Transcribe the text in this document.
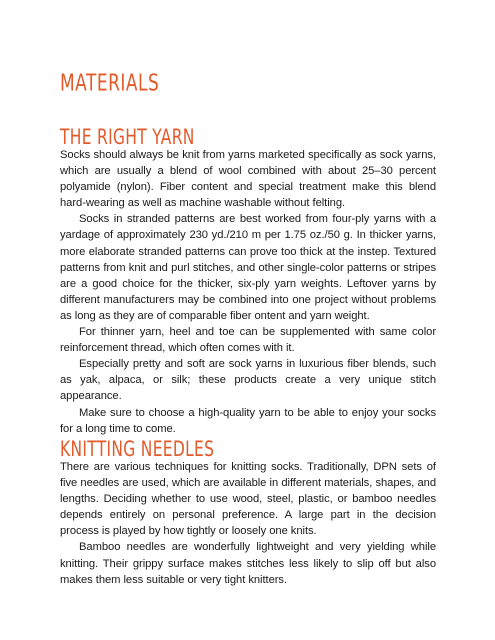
MATERIALS
THE RIGHT YARN

Socks should always be knit from yarns marketed specifically as sock yarns, which are usually a blend of wool combined with about 25–30 percent polyamide (nylon). Fiber content and special treatment make this blend hard-wearing as well as machine washable without felting.

Socks in stranded patterns are best worked from four-ply yarns with a yardage of approximately 230 yd./210 m per 1.75 oz./50 g. In thicker yarns, more elaborate stranded patterns can prove too thick at the instep. Textured patterns from knit and purl stitches, and other single-color patterns or stripes are a good choice for the thicker, six-ply yarn weights. Leftover yarns by different manufacturers may be combined into one project without problems as long as they are of comparable fiber ontent and yarn weight.

For thinner yarn, heel and toe can be supplemented with same color reinforcement thread, which often comes with it.

Especially pretty and soft are sock yarns in luxurious fiber blends, such as yak, alpaca, or silk; these products create a very unique stitch appearance.

Make sure to choose a high-quality yarn to be able to enjoy your socks for a long time to come.

KNITTING NEEDLES

There are various techniques for knitting socks. Traditionally, DPN sets of five needles are used, which are available in different materials, shapes, and lengths. Deciding whether to use wood, steel, plastic, or bamboo needles depends entirely on personal preference. A large part in the decision process is played by how tightly or loosely one knits.

Bamboo needles are wonderfully lightweight and very yielding while knitting. Their grippy surface makes stitches less likely to slip off but also makes them less suitable or very tight knitters.
